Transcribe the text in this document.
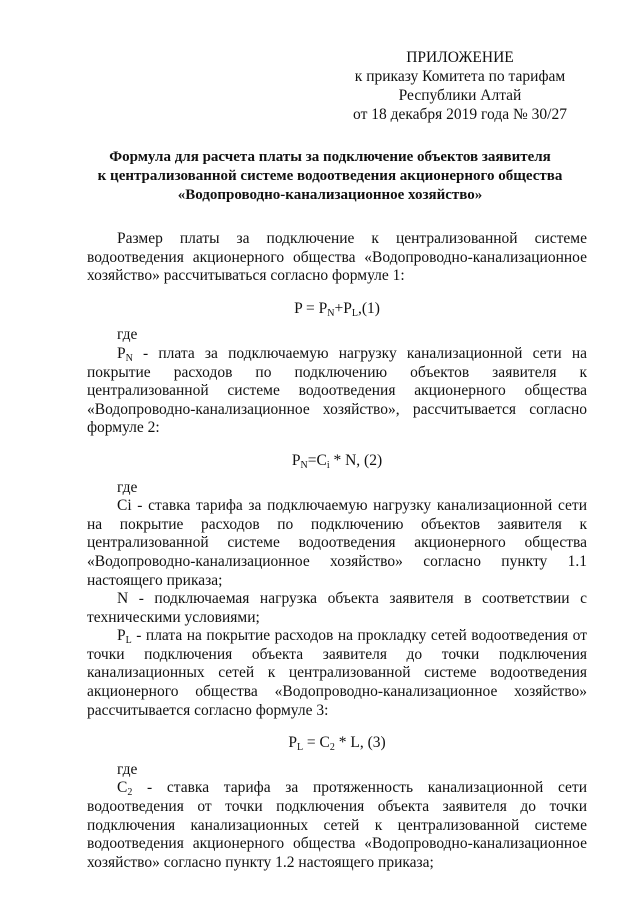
ПРИЛОЖЕНИЕ
к приказу Комитета по тарифам
Республики Алтай
от 18 декабря 2019 года № 30/27
Формула для расчета платы за подключение объектов заявителя
к централизованной системе водоотведения акционерного общества
«Водопроводно-канализационное хозяйство»

Размер платы за подключение к централизованной системе водоотведения акционерного общества «Водопроводно-канализационное хозяйство» рассчитываться согласно формуле 1:

$P = P_N+P_L,(1)$

где

$P_N$ - плата за подключаемую нагрузку канализационной сети на покрытие расходов по подключению объектов заявителя к централизованной системе водоотведения акционерного общества «Водопроводно-канализационное хозяйство», рассчитывается согласно формуле 2:

$P_N=C_i * N$, (2)

где

Ci - ставка тарифа за подключаемую нагрузку канализационной сети на покрытие расходов по подключению объектов заявителя к централизованной системе водоотведения акционерного общества «Водопроводно-канализационное хозяйство» согласно пункту 1.1 настоящего приказа;

N - подключаемая нагрузка объекта заявителя в соответствии с техническими условиями;

$P_L$ - плата на покрытие расходов на прокладку сетей водоотведения от точки подключения объекта заявителя до точки подключения канализационных сетей к централизованной системе водоотведения акционерного общества «Водопроводно-канализационное хозяйство» рассчитывается согласно формуле 3:

$P_L = C_2 * L$, (3)

где

$C_2$ - ставка тарифа за протяженность канализационной сети водоотведения от точки подключения объекта заявителя до точки подключения канализационных сетей к централизованной системе водоотведения акционерного общества «Водопроводно-канализационное хозяйство» согласно пункту 1.2 настоящего приказа;
